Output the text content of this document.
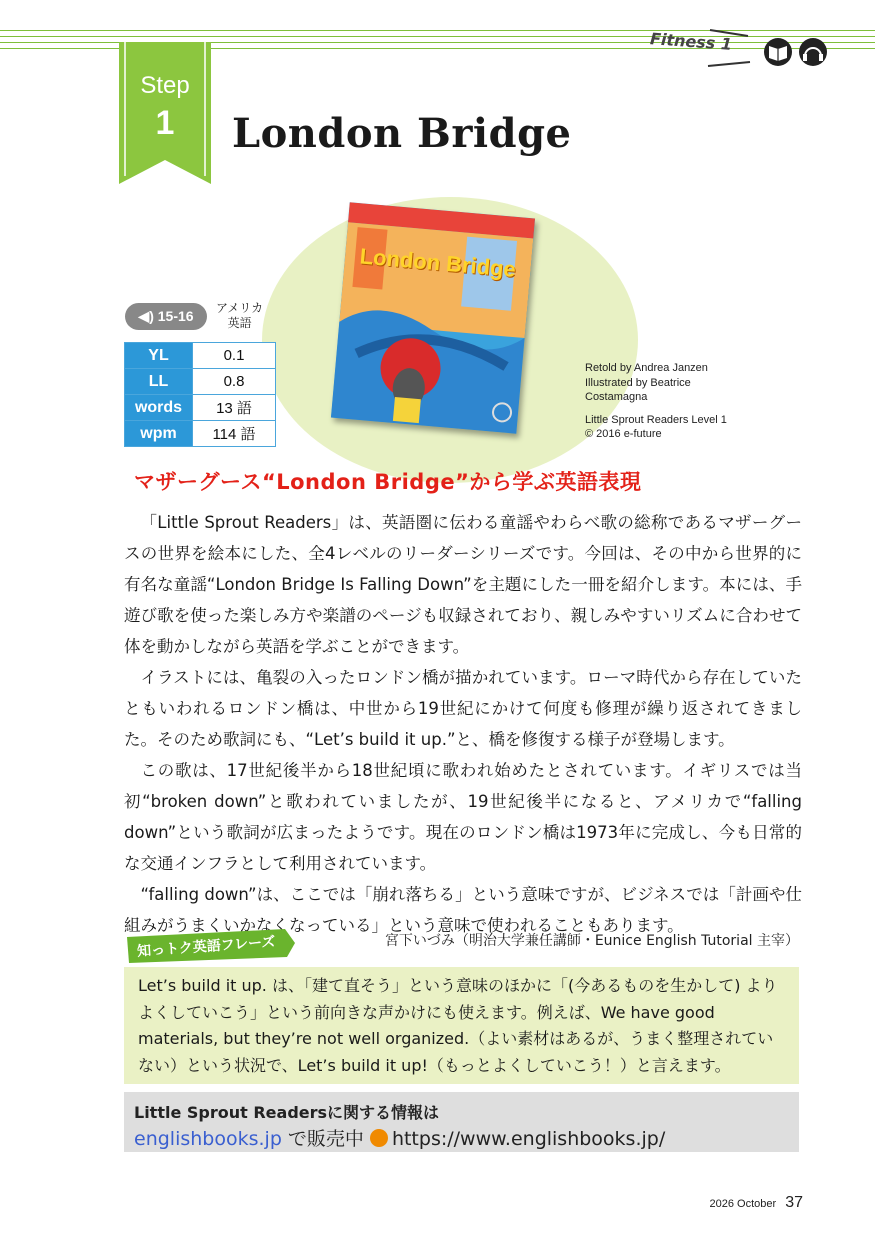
Fitness 1
Step
1	London Bridge
London Bridge
Retold by Andrea Janzen
Illustrated by Beatrice
Costamagna
Little Sprout Readers Level 1
© 2016 e-future
◀) 15-16	アメリカ
英語
YL	0.1
LL	0.8
words	13 語
wpm	114 語
マザーグース“London Bridge”から学ぶ英語表現

「Little Sprout Readers」は、英語圏に伝わる童謡やわらべ歌の総称であるマザーグースの世界を絵本にした、全4レベルのリーダーシリーズです。今回は、その中から世界的に有名な童謡“London Bridge Is Falling Down”を主題にした一冊を紹介します。本には、手遊び歌を使った楽しみ方や楽譜のページも収録されており、親しみやすいリズムに合わせて体を動かしながら英語を学ぶことができます。

イラストには、亀裂の入ったロンドン橋が描かれています。ローマ時代から存在していたともいわれるロンドン橋は、中世から19世紀にかけて何度も修理が繰り返されてきました。そのため歌詞にも、“Let’s build it up.”と、橋を修復する様子が登場します。

この歌は、17世紀後半から18世紀頃に歌われ始めたとされています。イギリスでは当初“broken down”と歌われていましたが、19世紀後半になると、アメリカで“falling down”という歌詞が広まったようです。現在のロンドン橋は1973年に完成し、今も日常的な交通インフラとして利用されています。

“falling down”は、ここでは「崩れ落ちる」という意味ですが、ビジネスでは「計画や仕組みがうまくいかなくなっている」という意味で使われることもあります。

宮下いづみ（明治大学兼任講師・Eunice English Tutorial 主宰）
知っトク英語フレーズ
Let’s build it up. は、「建て直そう」という意味のほかに「(今あるものを生かして) よりよくしていこう」という前向きな声かけにも使えます。例えば、We have good materials, but they’re not well organized.（よい素材はあるが、うまく整理されていない）という状況で、Let’s build it up!（もっとよくしていこう！）と言えます。
Little Sprout Readersに関する情報は
englishbooks.jp で販売中 https://www.englishbooks.jp/
2026 October 37
